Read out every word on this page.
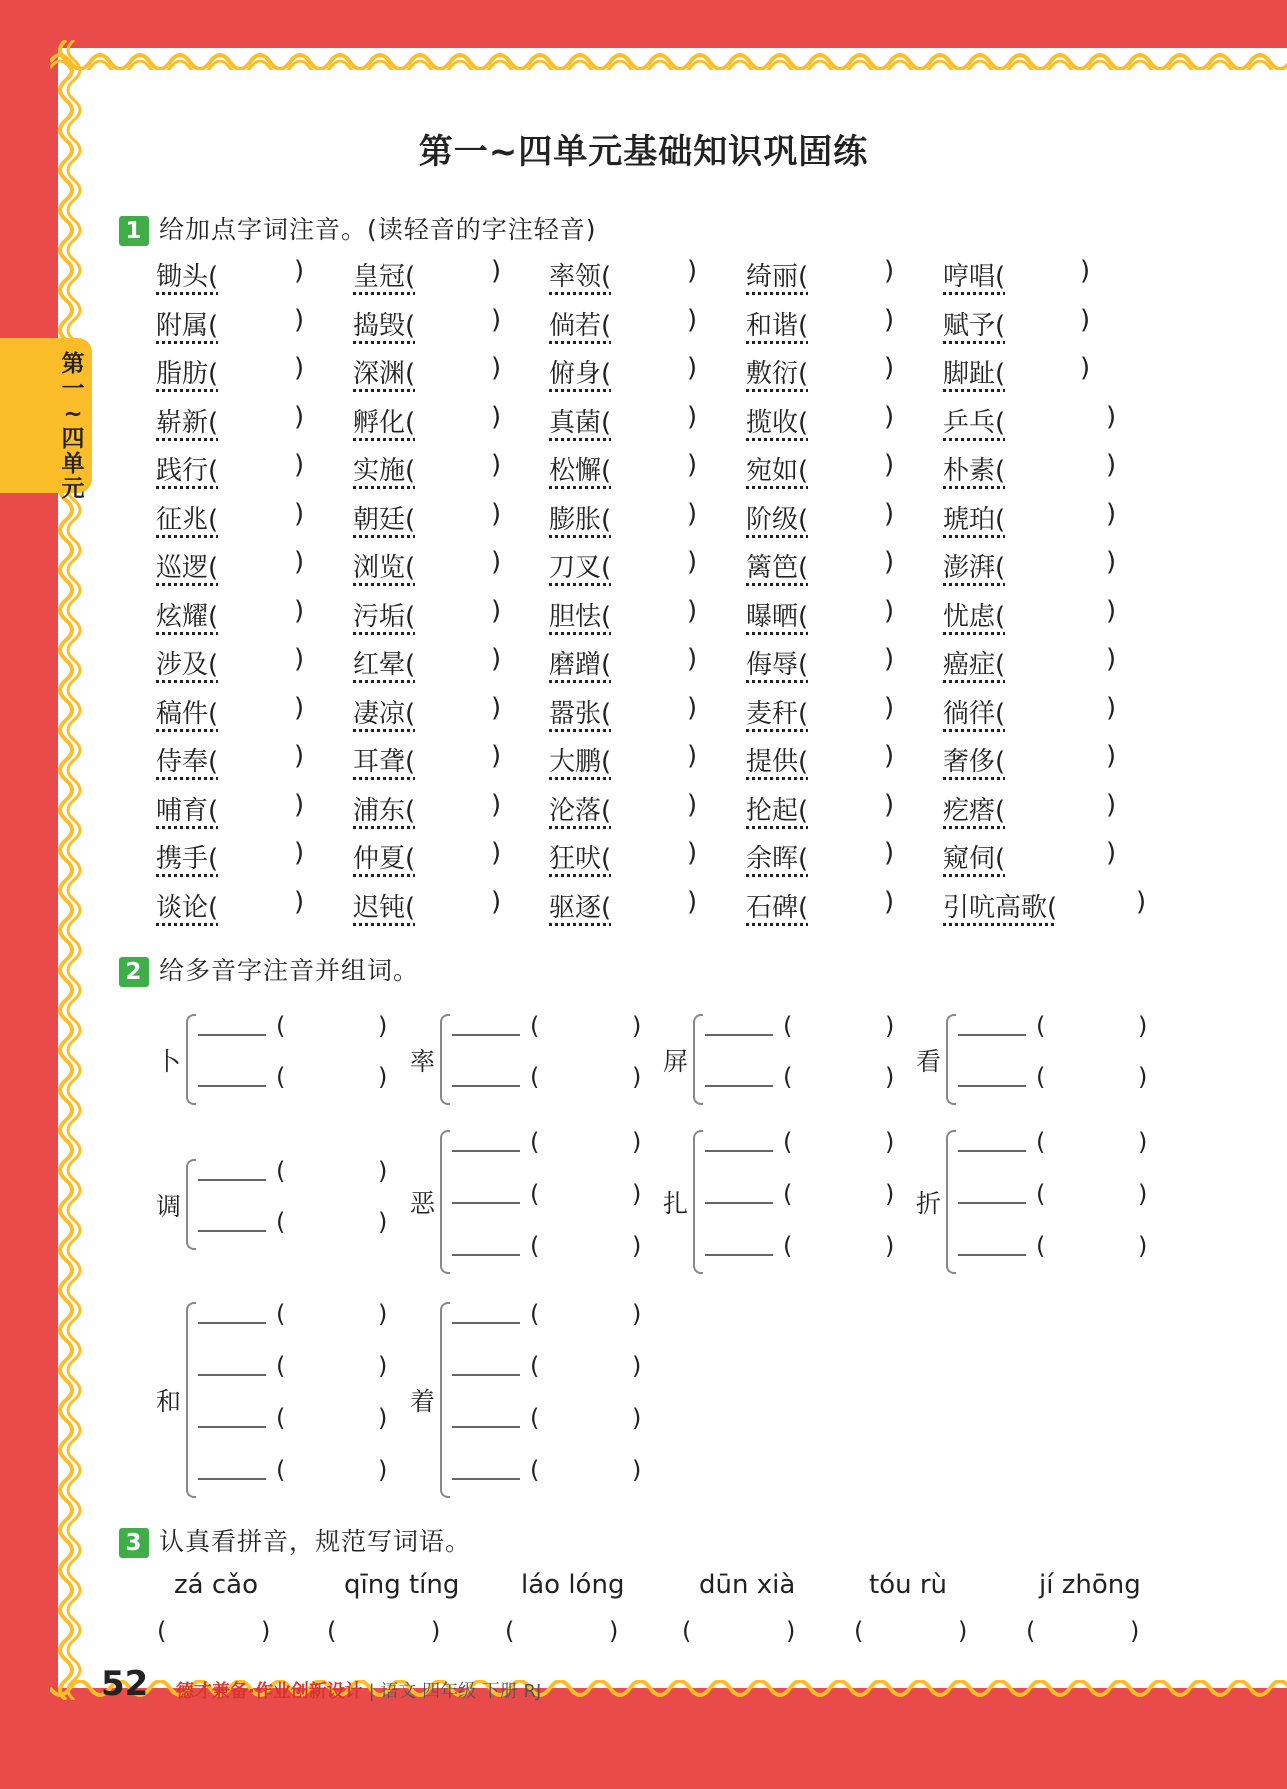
第一~四单元
第一~四单元基础知识巩固练
1 给加点字词注音。(读轻音的字注轻音)
锄头(	) 皇冠(	) 率领(	) 绮丽(	) 哼唱(	)
附属(	) 捣毁(	) 倘若(	) 和谐(	) 赋予(	)
脂肪(	) 深渊(	) 俯身(	) 敷衍(	) 脚趾(	)
崭新(	) 孵化(	) 真菌(	) 揽收(	) 乒乓(	)
践行(	) 实施(	) 松懈(	) 宛如(	) 朴素(	)
征兆(	) 朝廷(	) 膨胀(	) 阶级(	) 琥珀(	)
巡逻(	) 浏览(	) 刀叉(	) 篱笆(	) 澎湃(	)
炫耀(	) 污垢(	) 胆怯(	) 曝晒(	) 忧虑(	)
涉及(	) 红晕(	) 磨蹭(	) 侮辱(	) 癌症(	)
稿件(	) 凄凉(	) 嚣张(	) 麦秆(	) 徜徉(	)
侍奉(	) 耳聋(	) 大鹏(	) 提供(	) 奢侈(	)
哺育(	) 浦东(	) 沦落(	) 抡起(	) 疙瘩(	)
携手(	) 仲夏(	) 狂吠(	) 余晖(	) 窥伺(	)
谈论(	) 迟钝(	) 驱逐(	) 石碑(	) 引吭高歌(	)
2 给多音字注音并组词。
卜
(	)
(	)
率
(	)
(	)
屏
(	)
(	)
看
(	)
(	)
调
(	)
(	)
恶
(	)
(	)
(	)
扎
(	)
(	)
(	)
折
(	)
(	)
(	)
和
(	)
(	)
(	)
(	)
着
(	)
(	)
(	)
(	)
3 认真看拼音，规范写词语。
zá cǎo
(	)
qīng tíng
(	)
láo lóng
(	)
dūn xià
(	)
tóu rù
(	)
jí zhōng
(	)
52 德才兼备·作业创新设计 | 语文 四年级 下册 RJ
